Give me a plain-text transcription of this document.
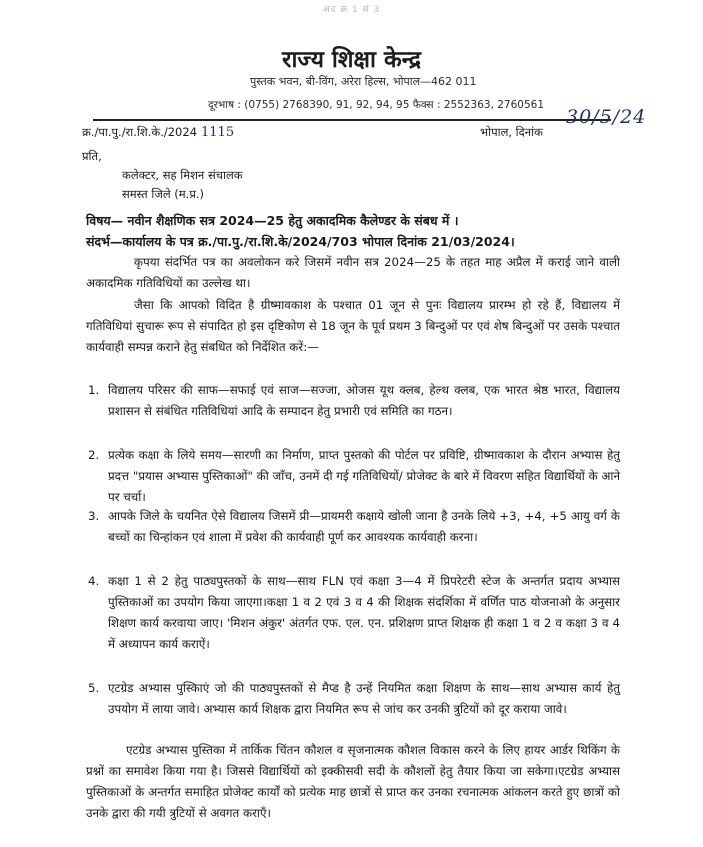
अद क्र 1 सं 3
राज्य शिक्षा केन्द्र
पुस्तक भवन, बी-विंग, अरेरा हिल्स, भोपाल—462 011
दूरभाष : (0755) 2768390, 91, 92, 94, 95 फैक्स : 2552363, 2760561
क्र./पा.पु./रा.शि.के./2024 1115	भोपाल, दिनांक
30/5/24
प्रति,
कलेक्टर, सह मिशन संचालक
समस्त जिले (म.प्र.)
विषय— नवीन शैक्षणिक सत्र 2024—25 हेतु अकादमिक कैलेण्डर के संबध में ।
संदर्भ—कार्यालय के पत्र क्र./पा.पु./रा.शि.के/2024/703 भोपाल दिनांक 21/03/2024।
कृपया संदर्भित पत्र का अवलोकन करे जिसमें नवीन सत्र 2024—25 के तहत माह अप्रैल में कराई जाने वाली अकादमिक गतिविधियों का उल्लेख था।
जैसा कि आपको विदित है ग्रीष्मावकाश के पश्चात 01 जून से पुनः विद्यालय प्रारम्भ हो रहे हैं, विद्यालय में गतिविधियां सुचारू रूप से संपादित हो इस दृष्टिकोण से 18 जून के पूर्व प्रथम 3 बिन्दुओं पर एवं शेष बिन्दुओं पर उसके पश्चात कार्यवाही सम्पन्न कराने हेतु संबधित को निर्देशित करें:—
1. विद्यालय परिसर की साफ—सफाई एवं साज—सज्जा, ओजस यूथ क्लब, हेल्थ क्लब, एक भारत श्रेष्ठ भारत, विद्यालय प्रशासन से संबंधित गतिविधियां आदि के सम्पादन हेतु प्रभारी एवं समिति का गठन।
2. प्रत्येक कक्षा के लिये समय—सारणी का निर्माण, प्राप्त पुस्तको की पोर्टल पर प्रविष्टि, ग्रीष्मावकाश के दौरान अभ्यास हेतु प्रदत्त "प्रयास अभ्यास पुस्तिकाओं" की जाँच, उनमें दी गई गतिविधियों/ प्रोजेक्ट के बारे में विवरण सहित विद्यार्थियों के आने पर चर्चा।
3. आपके जिले के चयनित ऐसे विद्यालय जिसमें प्री—प्रायमरी कक्षाये खोली जाना है उनके लिये +3, +4, +5 आयु वर्ग के बच्चों का चिन्हांकन एवं शाला में प्रवेश की कार्यवाही पूर्ण कर आवश्यक कार्यवाही करना।
4. कक्षा 1 से 2 हेतु पाठ्यपुस्तकों के साथ—साथ FLN एवं कक्षा 3—4 में प्रिपरेटरी स्टेज के अन्तर्गत प्रदाय अभ्यास पुस्तिकाओं का उपयोग किया जाएगा।कक्षा 1 व 2 एवं 3 व 4 की शिक्षक संदर्शिका में वर्णित पाठ योजनाओ के अनुसार शिक्षण कार्य करवाया जाए। 'मिशन अंकुर' अंतर्गत एफ. एल. एन. प्रशिक्षण प्राप्त शिक्षक ही कक्षा 1 व 2 व कक्षा 3 व 4 में अध्यापन कार्य कराऐं।
5. एटग्रेड अभ्यास पुस्किाएं जो की पाठ्यपुस्तकों से मैप्ड है उन्हें नियमित कक्षा शिक्षण के साथ—साथ अभ्यास कार्य हेतु उपयोग में लाया जावे। अभ्यास कार्य शिक्षक द्वारा नियमित रूप से जांच कर उनकी त्रुटियों को दूर कराया जावे।
एटग्रेड अभ्यास पुस्तिका में तार्किक चिंतन कौशल व सृजनात्मक कौशल विकास करने के लिए हायर आर्डर थिकिंग के प्रश्नों का समावेश किया गया है। जिससे विद्यार्थियों को इक्कीसवी सदी के कौशलों हेतु तैयार किया जा सकेगा।एटग्रेड अभ्यास पुस्तिकाओं के अन्तर्गत समाहित प्रोजेक्ट कार्यों को प्रत्येक माह छात्रों से प्राप्त कर उनका रचनात्मक आंकलन करते हुए छात्रों को उनके द्वारा की गयी त्रुटियों से अवगत कराएँ।
